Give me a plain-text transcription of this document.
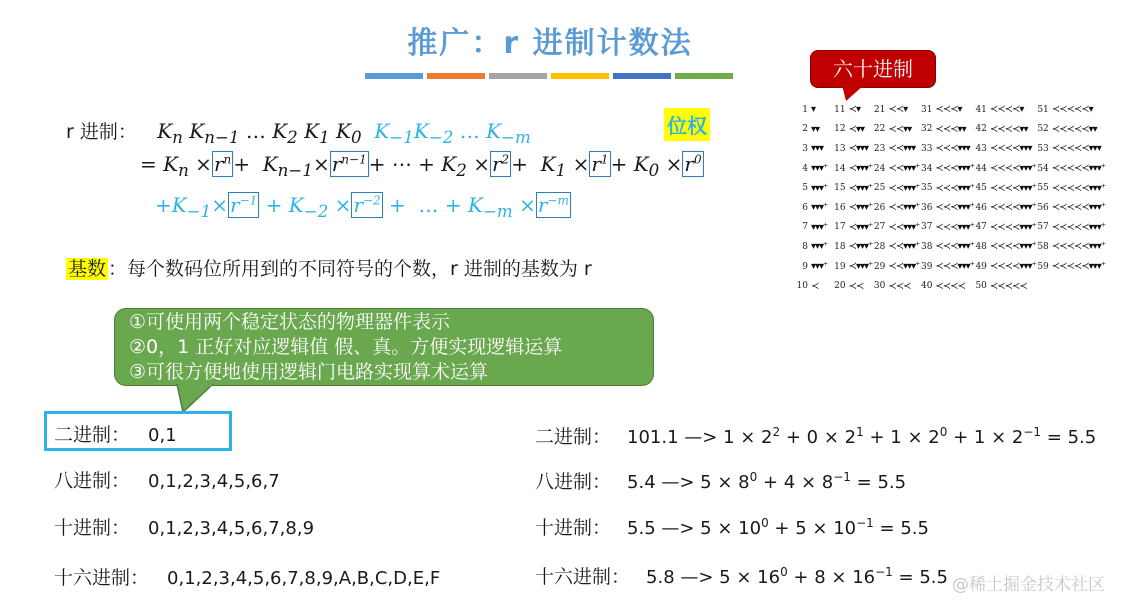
推广：r 进制计数法
r 进制： $K_n$ $K_{n-1}$ … $K_2$ $K_1$ $K_0$  $K_{-1}K_{-2}$ … $K_{-m}$	位权
= $K_n \times r^n + K_{n-1}\times r^{n-1}$ + ⋯ + $K_2 \times r^2 + K_1 \times r^1 + K_0 \times r^0$
$+K_{-1}\times r^{-1} + K_{-2} \times r^{-2}$ +  … + $K_{-m} \times r^{-m}$
基数 ：每个数码位所用到的不同符号的个数，r 进制的基数为 r
①可使用两个稳定状态的物理器件表示
②0，1 正好对应逻辑值 假、真。方便实现逻辑运算
③可很方便地使用逻辑门电路实现算术运算
六十进制
1 ▾ 11 ≺▾ 21 ≺≺▾ 31 ≺≺≺▾ 41 ≺≺≺≺▾ 51 ≺≺≺≺≺▾
2 ▾▾ 12 ≺▾▾ 22 ≺≺▾▾ 32 ≺≺≺▾▾ 42 ≺≺≺≺▾▾ 52 ≺≺≺≺≺▾▾
3 ▾▾▾ 13 ≺▾▾▾ 23 ≺≺▾▾▾ 33 ≺≺≺▾▾▾ 43 ≺≺≺≺▾▾▾ 53 ≺≺≺≺≺▾▾▾
4 ▾▾▾⁺ 14 ≺▾▾▾⁺ 24 ≺≺▾▾▾⁺ 34 ≺≺≺▾▾▾⁺ 44 ≺≺≺≺▾▾▾⁺ 54 ≺≺≺≺≺▾▾▾⁺
5 ▾▾▾⁺ 15 ≺▾▾▾⁺ 25 ≺≺▾▾▾⁺ 35 ≺≺≺▾▾▾⁺ 45 ≺≺≺≺▾▾▾⁺ 55 ≺≺≺≺≺▾▾▾⁺
6 ▾▾▾⁺ 16 ≺▾▾▾⁺ 26 ≺≺▾▾▾⁺ 36 ≺≺≺▾▾▾⁺ 46 ≺≺≺≺▾▾▾⁺ 56 ≺≺≺≺≺▾▾▾⁺
7 ▾▾▾⁺ 17 ≺▾▾▾⁺ 27 ≺≺▾▾▾⁺ 37 ≺≺≺▾▾▾⁺ 47 ≺≺≺≺▾▾▾⁺ 57 ≺≺≺≺≺▾▾▾⁺
8 ▾▾▾⁺ 18 ≺▾▾▾⁺ 28 ≺≺▾▾▾⁺ 38 ≺≺≺▾▾▾⁺ 48 ≺≺≺≺▾▾▾⁺ 58 ≺≺≺≺≺▾▾▾⁺
9 ▾▾▾⁺ 19 ≺▾▾▾⁺ 29 ≺≺▾▾▾⁺ 39 ≺≺≺▾▾▾⁺ 49 ≺≺≺≺▾▾▾⁺ 59 ≺≺≺≺≺▾▾▾⁺
10 ≺ 20 ≺≺ 30 ≺≺≺ 40 ≺≺≺≺ 50 ≺≺≺≺≺
二进制： 0,1
八进制： 0,1,2,3,4,5,6,7
十进制： 0,1,2,3,4,5,6,7,8,9
十六进制： 0,1,2,3,4,5,6,7,8,9,A,B,C,D,E,F
二进制： 101.1 —> $1 \times 2^2 + 0 \times 2^1 + 1 \times 2^0 + 1 \times 2^{-1} = 5.5$
八进制： 5.4 —> $5 \times 8^0 + 4 \times 8^{-1} = 5.5$
十进制： 5.5 —> $5 \times 10^0 + 5 \times 10^{-1} = 5.5$
十六进制： 5.8 —> $5 \times 16^0 + 8 \times 16^{-1} = 5.5$ @稀土掘金技术社区
